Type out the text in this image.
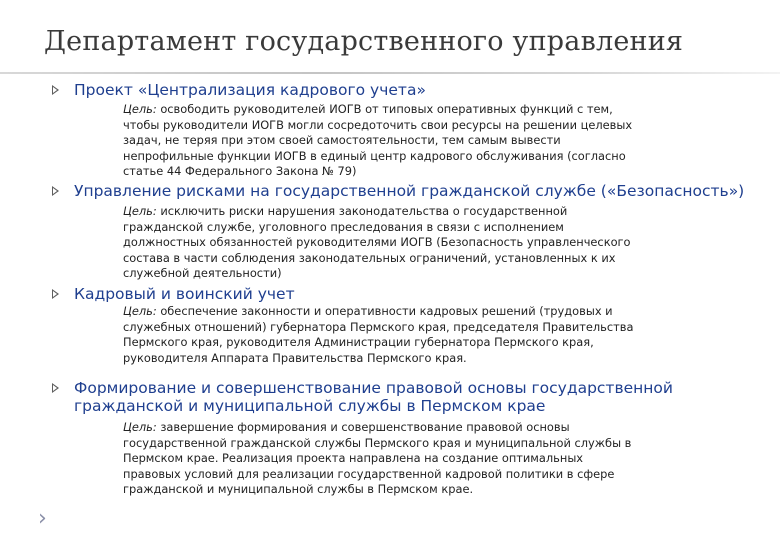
Департамент государственного управления
Проект «Централизация кадрового учета»
Цель: освободить руководителей ИОГВ от типовых оперативных функций с тем,
чтобы руководители ИОГВ могли сосредоточить свои ресурсы на решении целевых
задач, не теряя при этом своей самостоятельности, тем самым вывести
непрофильные функции ИОГВ в единый центр кадрового обслуживания (согласно
статье 44 Федерального Закона № 79)
Управление рисками на государственной гражданской службе («Безопасность»)
Цель: исключить риски нарушения законодательства о государственной
гражданской службе, уголовного преследования в связи с исполнением
должностных обязанностей руководителями ИОГВ (Безопасность управленческого
состава в части соблюдения законодательных ограничений, установленных к их
служебной деятельности)
Кадровый и воинский учет
Цель: обеспечение законности и оперативности кадровых решений (трудовых и
служебных отношений) губернатора Пермского края, председателя Правительства
Пермского края, руководителя Администрации губернатора Пермского края,
руководителя Аппарата Правительства Пермского края.
Формирование и совершенствование правовой основы государственной гражданской и муниципальной службы в Пермском крае
Цель: завершение формирования и совершенствование правовой основы
государственной гражданской службы Пермского края и муниципальной службы в
Пермском крае. Реализация проекта направлена на создание оптимальных
правовых условий для реализации государственной кадровой политики в сфере
гражданской и муниципальной службы в Пермском крае.
›
